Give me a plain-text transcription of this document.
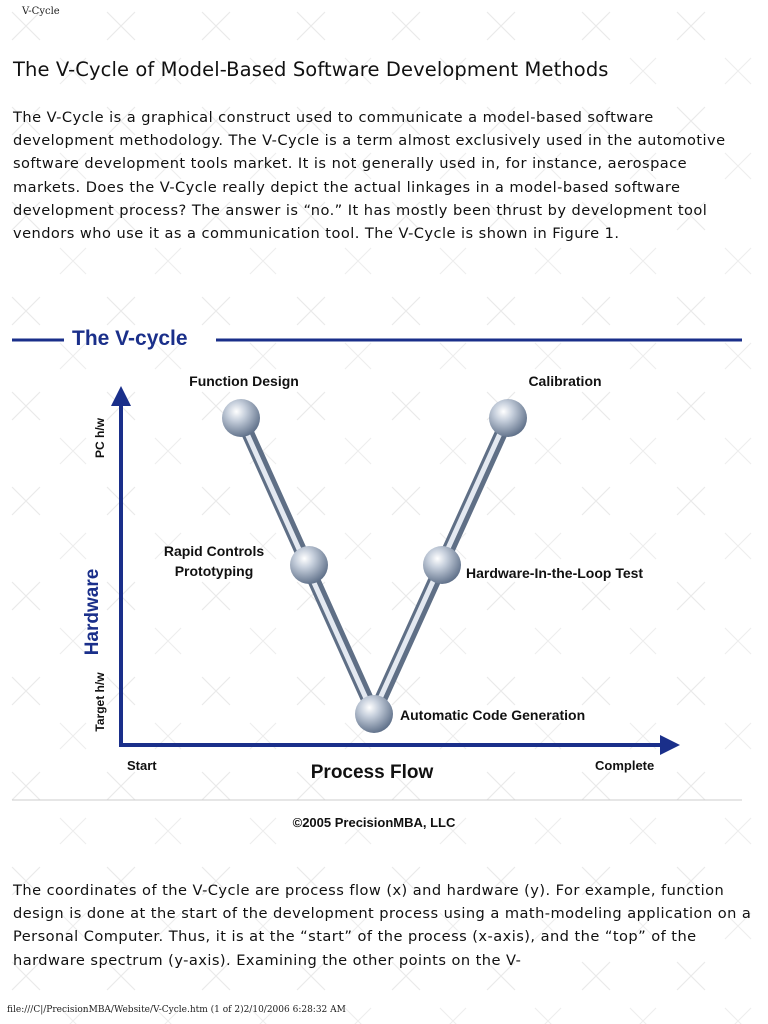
V-Cycle
The V-Cycle of Model-Based Software Development Methods

The V-Cycle is a graphical construct used to communicate a model-based software development methodology. The V-Cycle is a term almost exclusively used in the automotive software development tools market. It is not generally used in, for instance, aerospace markets. Does the V-Cycle really depict the actual linkages in a model-based software development process? The answer is “no.” It has mostly been thrust by development tool vendors who use it as a communication tool. The V-Cycle is shown in Figure 1.

The V-cycle
Hardware
PC h/w
Target h/w
Start	Process Flow	Complete
Function Design	Calibration
Rapid Controls
Prototyping	Hardware-In-the-Loop Test
Automatic Code Generation
©2005 PrecisionMBA, LLC

The coordinates of the V-Cycle are process flow (x) and hardware (y). For example, function design is done at the start of the development process using a math-modeling application on a Personal Computer. Thus, it is at the “start” of the process (x-axis), and the “top” of the hardware spectrum (y-axis). Examining the other points on the V-

file:///C|/PrecisionMBA/Website/V-Cycle.htm (1 of 2)2/10/2006 6:28:32 AM
